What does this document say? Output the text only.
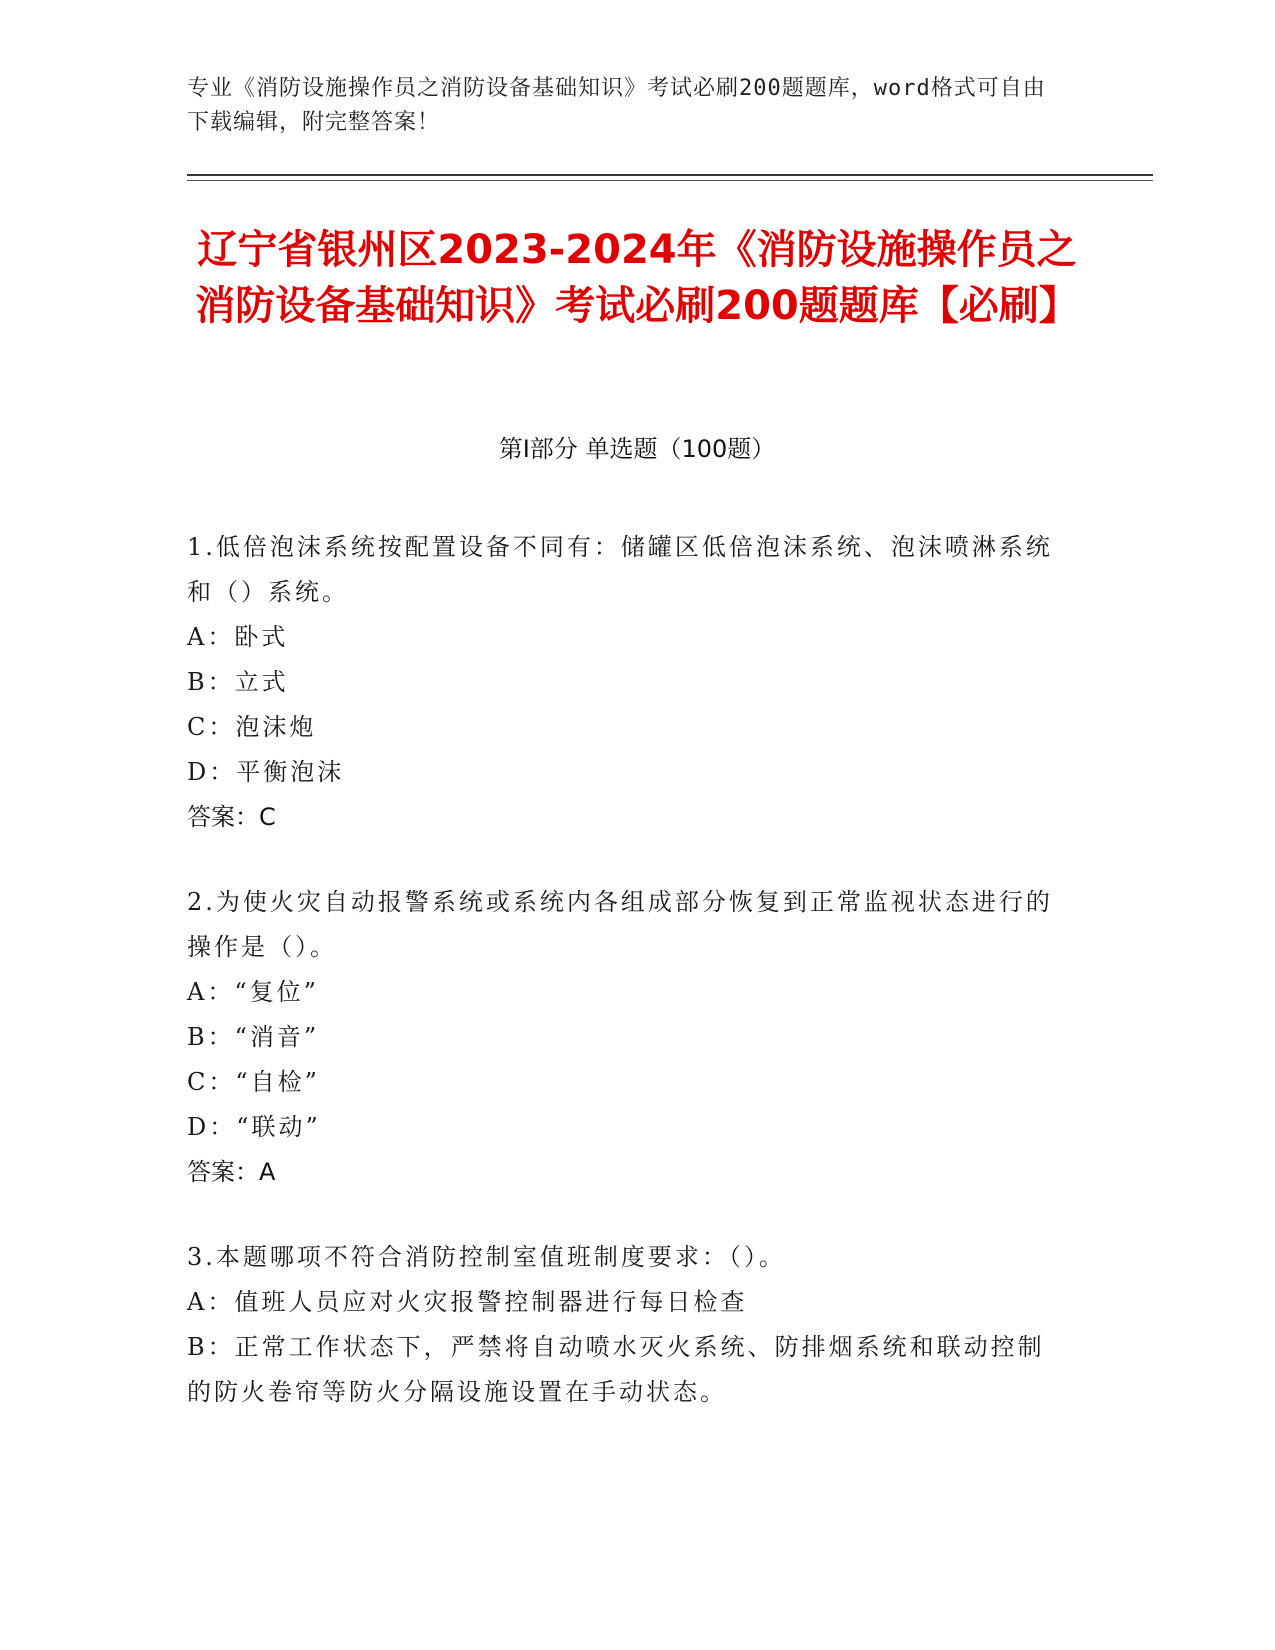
专业《消防设施操作员之消防设备基础知识》考试必刷200题题库，word格式可自由下载编辑，附完整答案！
辽宁省银州区2023-2024年《消防设施操作员之消防设备基础知识》考试必刷200题题库【必刷】
第I部分 单选题（100题）
1.低倍泡沫系统按配置设备不同有：储罐区低倍泡沫系统、泡沫喷淋系统和（）系统。
A：卧式
B：立式
C：泡沫炮
D：平衡泡沫
答案：C
2.为使火灾自动报警系统或系统内各组成部分恢复到正常监视状态进行的操作是（）。
A：“复位”
B：“消音”
C：“自检”
D：“联动”
答案：A
3.本题哪项不符合消防控制室值班制度要求：（）。
A：值班人员应对火灾报警控制器进行每日检查
B：正常工作状态下，严禁将自动喷水灭火系统、防排烟系统和联动控制的防火卷帘等防火分隔设施设置在手动状态。
